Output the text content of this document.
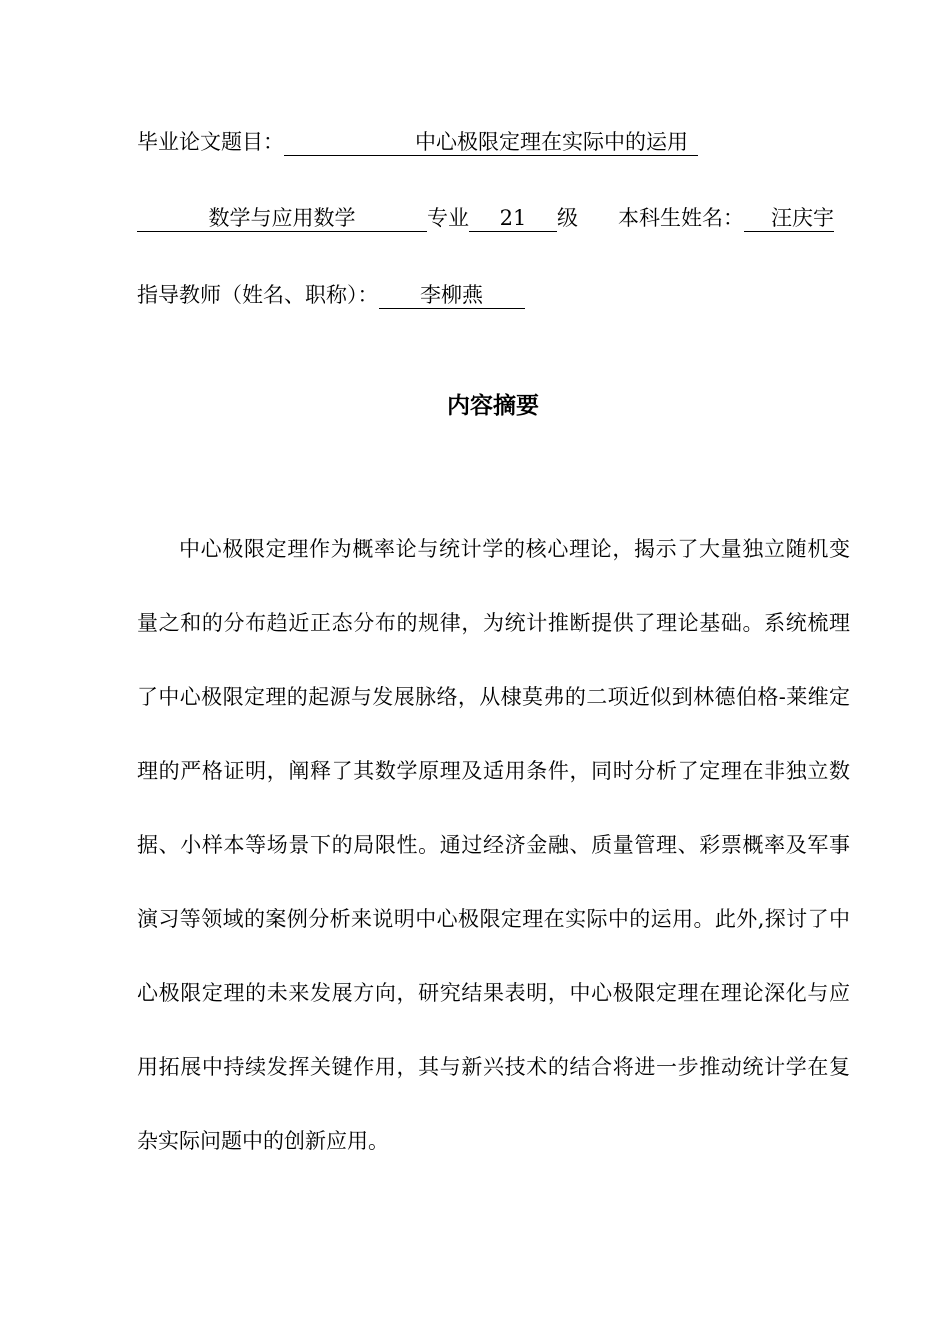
毕业论文题目：	中心极限定理在实际中的运用
数学与应用数学	专业 21 级 本科生姓名： 汪庆宇
指导教师（姓名、职称）： 李柳燕
内容摘要

中心极限定理作为概率论与统计学的核心理论，揭示了大量独立随机变量之和的分布趋近正态分布的规律，为统计推断提供了理论基础。系统梳理了中心极限定理的起源与发展脉络，从棣莫弗的二项近似到林德伯格-莱维定理的严格证明，阐释了其数学原理及适用条件，同时分析了定理在非独立数据、小样本等场景下的局限性。通过经济金融、质量管理、彩票概率及军事演习等领域的案例分析来说明中心极限定理在实际中的运用。此外,探讨了中心极限定理的未来发展方向，研究结果表明，中心极限定理在理论深化与应用拓展中持续发挥关键作用，其与新兴技术的结合将进一步推动统计学在复杂实际问题中的创新应用。
